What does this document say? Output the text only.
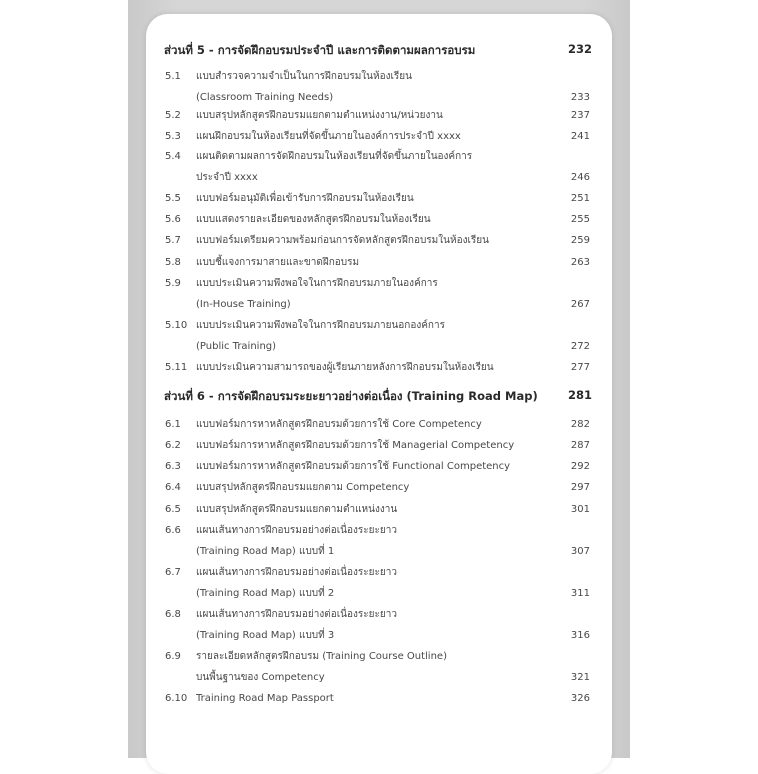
ส่วนที่ 5 - การจัดฝึกอบรมประจำปี และการติดตามผลการอบรม	232
5.1 แบบสำรวจความจำเป็นในการฝึกอบรมในห้องเรียน
(Classroom Training Needs)	233
5.2 แบบสรุปหลักสูตรฝึกอบรมแยกตามตำแหน่งงาน/หน่วยงาน	237
5.3 แผนฝึกอบรมในห้องเรียนที่จัดขึ้นภายในองค์การประจำปี xxxx	241
5.4 แผนติดตามผลการจัดฝึกอบรมในห้องเรียนที่จัดขึ้นภายในองค์การ
ประจำปี xxxx	246
5.5 แบบฟอร์มอนุมัติเพื่อเข้ารับการฝึกอบรมในห้องเรียน	251
5.6 แบบแสดงรายละเอียดของหลักสูตรฝึกอบรมในห้องเรียน	255
5.7 แบบฟอร์มเตรียมความพร้อมก่อนการจัดหลักสูตรฝึกอบรมในห้องเรียน	259
5.8 แบบชี้แจงการมาสายและขาดฝึกอบรม	263
5.9 แบบประเมินความพึงพอใจในการฝึกอบรมภายในองค์การ
(In-House Training)	267
5.10 แบบประเมินความพึงพอใจในการฝึกอบรมภายนอกองค์การ
(Public Training)	272
5.11 แบบประเมินความสามารถของผู้เรียนภายหลังการฝึกอบรมในห้องเรียน	277
ส่วนที่ 6 - การจัดฝึกอบรมระยะยาวอย่างต่อเนื่อง (Training Road Map)	281
6.1 แบบฟอร์มการหาหลักสูตรฝึกอบรมด้วยการใช้ Core Competency	282
6.2 แบบฟอร์มการหาหลักสูตรฝึกอบรมด้วยการใช้ Managerial Competency	287
6.3 แบบฟอร์มการหาหลักสูตรฝึกอบรมด้วยการใช้ Functional Competency	292
6.4 แบบสรุปหลักสูตรฝึกอบรมแยกตาม Competency	297
6.5 แบบสรุปหลักสูตรฝึกอบรมแยกตามตำแหน่งงาน	301
6.6 แผนเส้นทางการฝึกอบรมอย่างต่อเนื่องระยะยาว
(Training Road Map) แบบที่ 1	307
6.7 แผนเส้นทางการฝึกอบรมอย่างต่อเนื่องระยะยาว
(Training Road Map) แบบที่ 2	311
6.8 แผนเส้นทางการฝึกอบรมอย่างต่อเนื่องระยะยาว
(Training Road Map) แบบที่ 3	316
6.9 รายละเอียดหลักสูตรฝึกอบรม (Training Course Outline)
บนพื้นฐานของ Competency	321
6.10 Training Road Map Passport	326
